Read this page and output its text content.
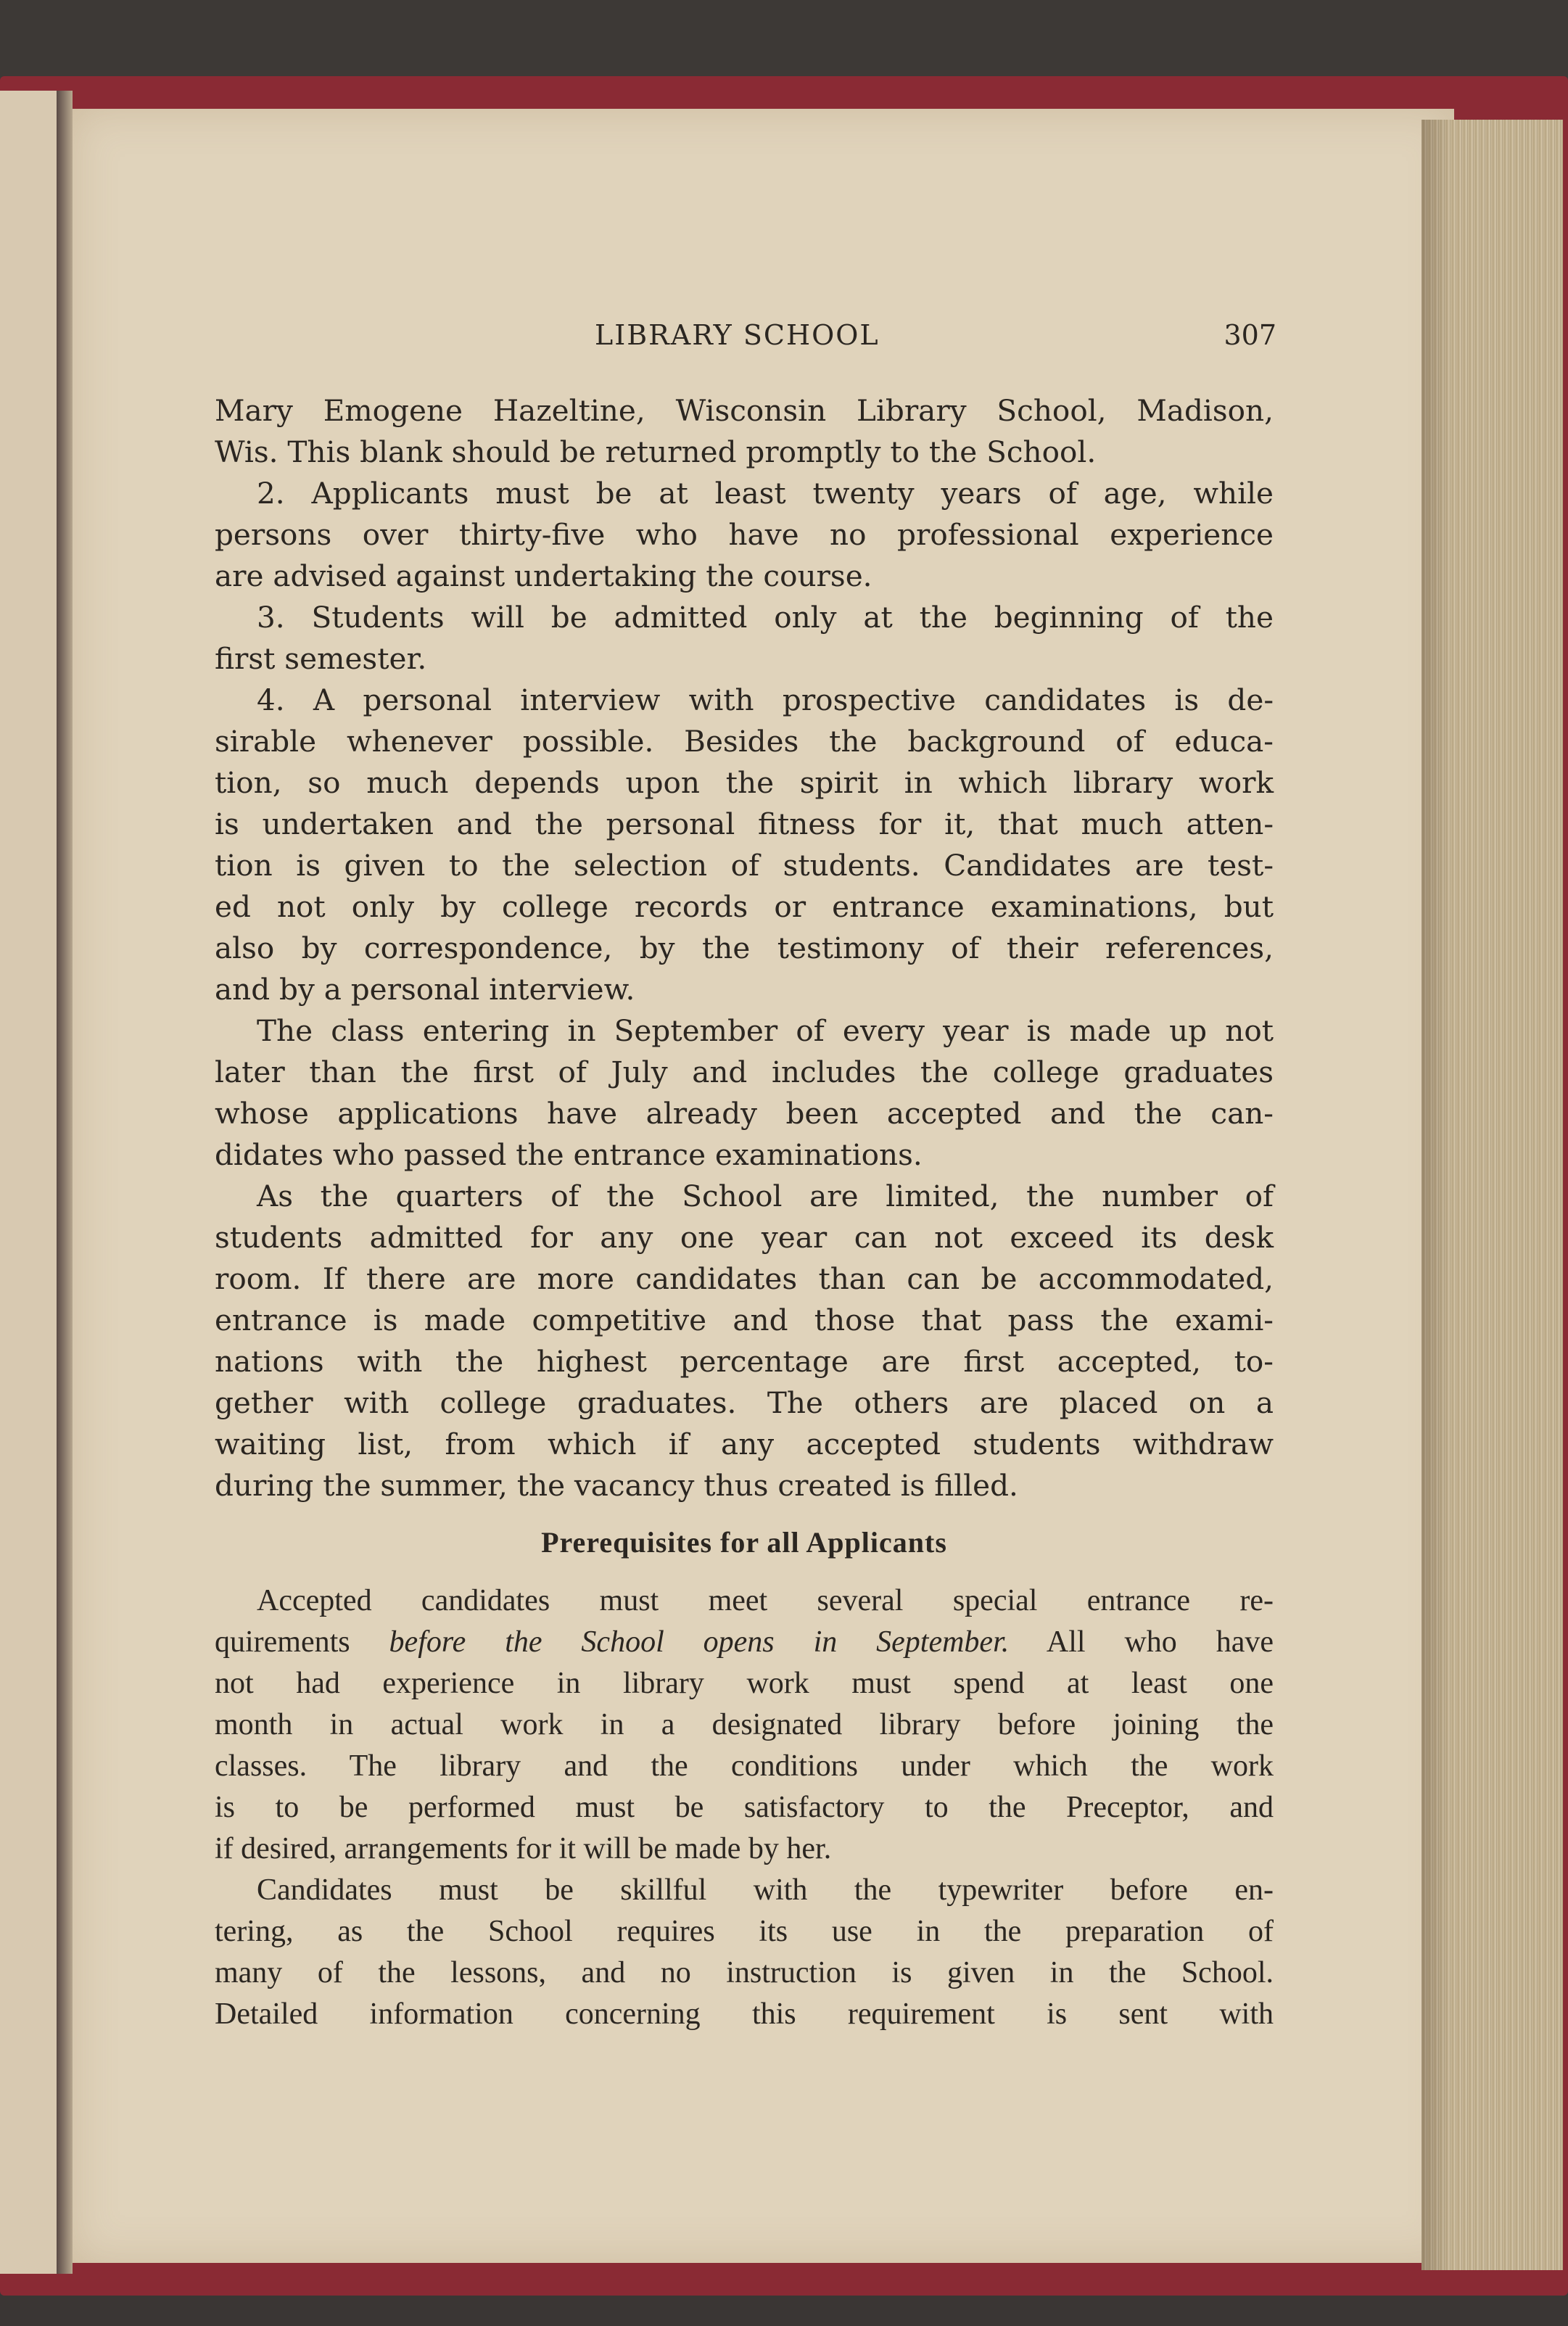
LIBRARY SCHOOL	307

Mary Emogene Hazeltine, Wisconsin Library School, Madison,

Wis. This blank should be returned promptly to the School.

2. Applicants must be at least twenty years of age, while

persons over thirty-five who have no professional experience

are advised against undertaking the course.

3. Students will be admitted only at the beginning of the

first semester.

4. A personal interview with prospective candidates is de-

sirable whenever possible. Besides the background of educa-

tion, so much depends upon the spirit in which library work

is undertaken and the personal fitness for it, that much atten-

tion is given to the selection of students. Candidates are test-

ed not only by college records or entrance examinations, but

also by correspondence, by the testimony of their references,

and by a personal interview.

The class entering in September of every year is made up not

later than the first of July and includes the college graduates

whose applications have already been accepted and the can-

didates who passed the entrance examinations.

As the quarters of the School are limited, the number of

students admitted for any one year can not exceed its desk

room. If there are more candidates than can be accommodated,

entrance is made competitive and those that pass the exami-

nations with the highest percentage are first accepted, to-

gether with college graduates. The others are placed on a

waiting list, from which if any accepted students withdraw

during the summer, the vacancy thus created is filled.

Prerequisites for all Applicants

Accepted candidates must meet several special entrance re-

quirements before the School opens in September. All who have

not had experience in library work must spend at least one

month in actual work in a designated library before joining the

classes. The library and the conditions under which the work

is to be performed must be satisfactory to the Preceptor, and

if desired, arrangements for it will be made by her.

Candidates must be skillful with the typewriter before en-

tering, as the School requires its use in the preparation of

many of the lessons, and no instruction is given in the School.

Detailed information concerning this requirement is sent with
